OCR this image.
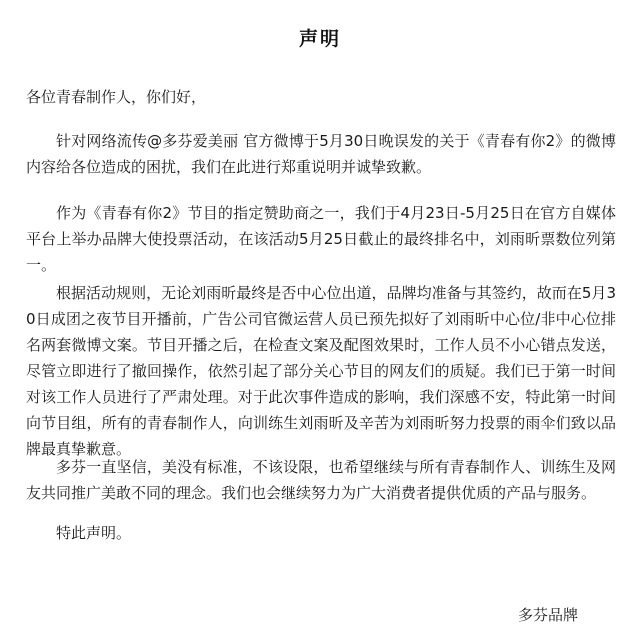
声明
各位青春制作人，你们好，
针对网络流传@多芬爱美丽 官方微博于5月30日晚误发的关于《青春有你2》的微博内容给各位造成的困扰，我们在此进行郑重说明并诚挚致歉。
作为《青春有你2》节目的指定赞助商之一，我们于4月23日-5月25日在官方自媒体平台上举办品牌大使投票活动，在该活动5月25日截止的最终排名中，刘雨昕票数位列第一。
根据活动规则，无论刘雨昕最终是否中心位出道，品牌均准备与其签约，故而在5月30日成团之夜节目开播前，广告公司官微运营人员已预先拟好了刘雨昕中心位/非中心位排名两套微博文案。节目开播之后，在检查文案及配图效果时，工作人员不小心错点发送，尽管立即进行了撤回操作，依然引起了部分关心节目的网友们的质疑。我们已于第一时间对该工作人员进行了严肃处理。对于此次事件造成的影响，我们深感不安，特此第一时间向节目组，所有的青春制作人，向训练生刘雨昕及辛苦为刘雨昕努力投票的雨伞们致以品牌最真挚歉意。
多芬一直坚信，美没有标准，不该设限，也希望继续与所有青春制作人、训练生及网友共同推广美敢不同的理念。我们也会继续努力为广大消费者提供优质的产品与服务。
特此声明。
多芬品牌
